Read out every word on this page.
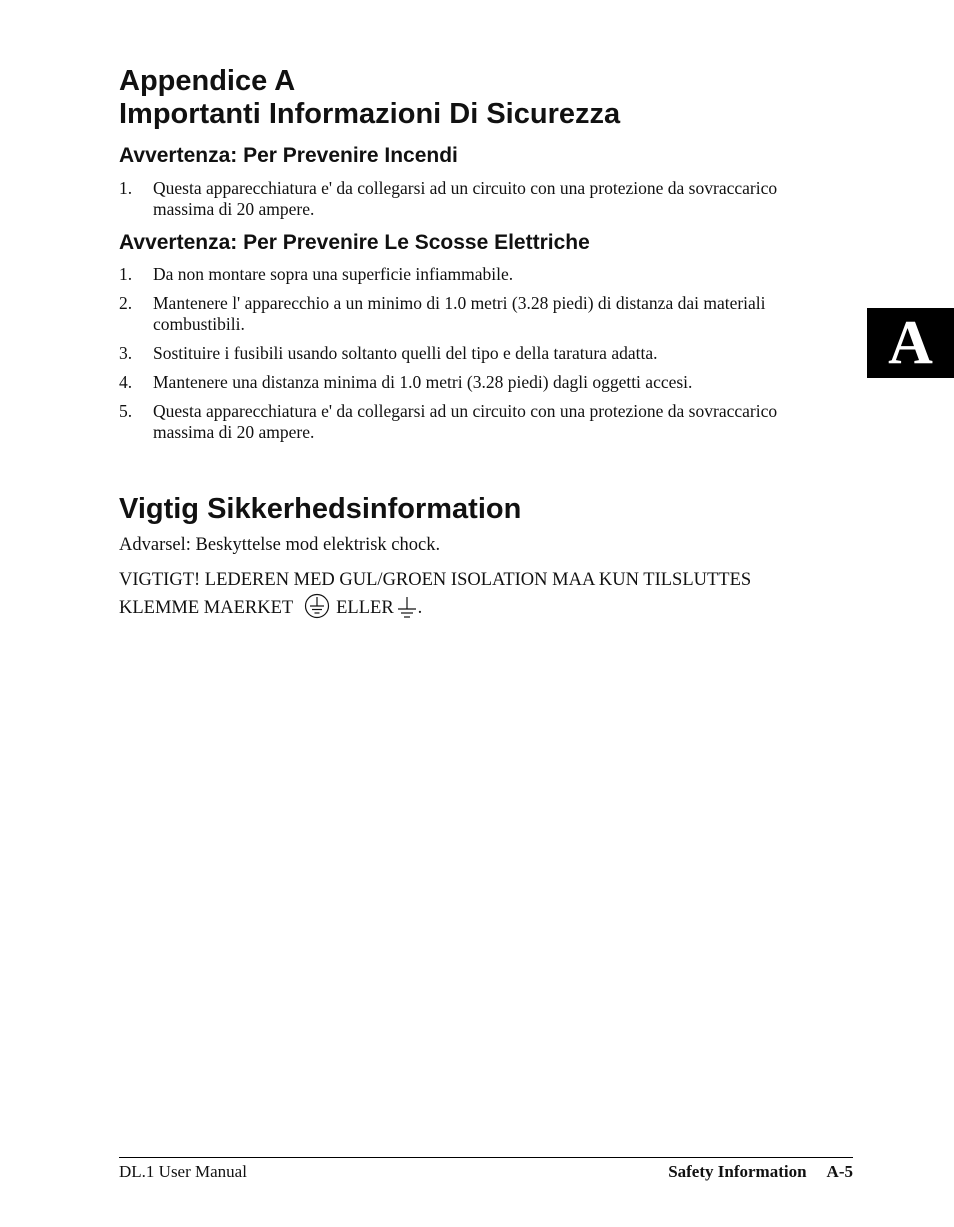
Appendice A
Importanti Informazioni Di Sicurezza
Avvertenza: Per Prevenire Incendi
1. Questa apparecchiatura e' da collegarsi ad un circuito con una protezione da sovraccarico massima di 20 ampere.
Avvertenza: Per Prevenire Le Scosse Elettriche
1. Da non montare sopra una superficie infiammabile.
2. Mantenere l' apparecchio a un minimo di 1.0 metri (3.28 piedi) di distanza dai materiali combustibili.
3. Sostituire i fusibili usando soltanto quelli del tipo e della taratura adatta.
4. Mantenere una distanza minima di 1.0 metri (3.28 piedi) dagli oggetti accesi.
5. Questa apparecchiatura e' da collegarsi ad un circuito con una protezione da sovraccarico massima di 20 ampere.
Vigtig Sikkerhedsinformation
Advarsel: Beskyttelse mod elektrisk chock.
VIGTIGT! LEDEREN MED GUL/GROEN ISOLATION MAA KUN TILSLUTTES
KLEMME MAERKET ELLER .
A
DL.1 User Manual	Safety Information A-5
